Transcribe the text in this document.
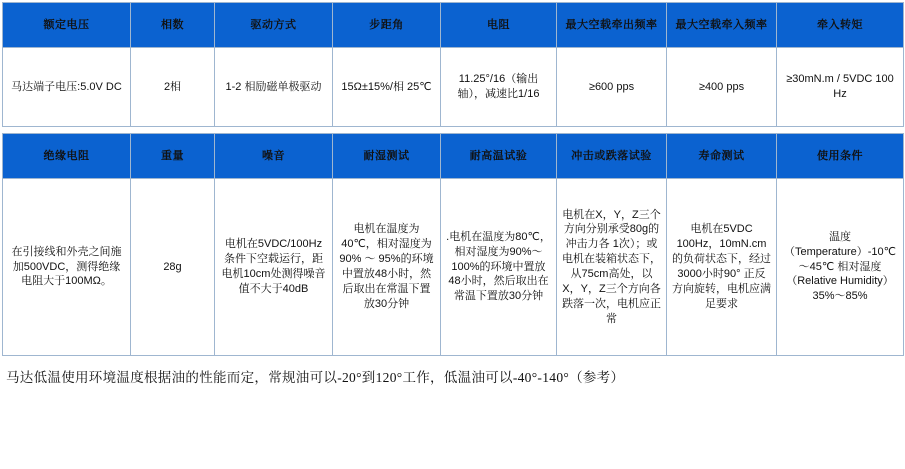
额定电压	相数	驱动方式	步距角	电阻	最大空载牵出频率	最大空载牵入频率	牵入转矩
马达端子电压:5.0V DC	2相	1-2 相励磁单极驱动	15Ω±15%/相 25℃	11.25°/16（输出轴），减速比1/16	≥600 pps	≥400 pps	≥30mN.m / 5VDC 100 Hz
绝缘电阻	重量	噪音	耐湿测试	耐高温试验	冲击或跌落试验	寿命测试	使用条件
在引接线和外壳之间施加500VDC，测得绝缘电阻大于100MΩ。	28g	电机在5VDC/100Hz条件下空载运行，距电机10cm处测得噪音值不大于40dB	电机在温度为40℃，相对湿度为90% ～ 95%的环境中置放48小时，然后取出在常温下置放30分钟	.电机在温度为80℃，相对湿度为90%～100%的环境中置放48小时，然后取出在常温下置放30分钟	电机在X，Y，Z三个方向分别承受80g的冲击力各 1次）；或电机在装箱状态下，从75cm高处，以X，Y，Z三个方向各跌落一次，电机应正常	电机在5VDC 100Hz，10mN.cm 的负荷状态下，经过3000小时90° 正反方向旋转，电机应满足要求	温度（Temperature）-10℃～45℃ 相对湿度（Relative Humidity） 35%～85%
马达低温使用环境温度根据油的性能而定，常规油可以-20°到120°工作，低温油可以-40°-140°（参考）
